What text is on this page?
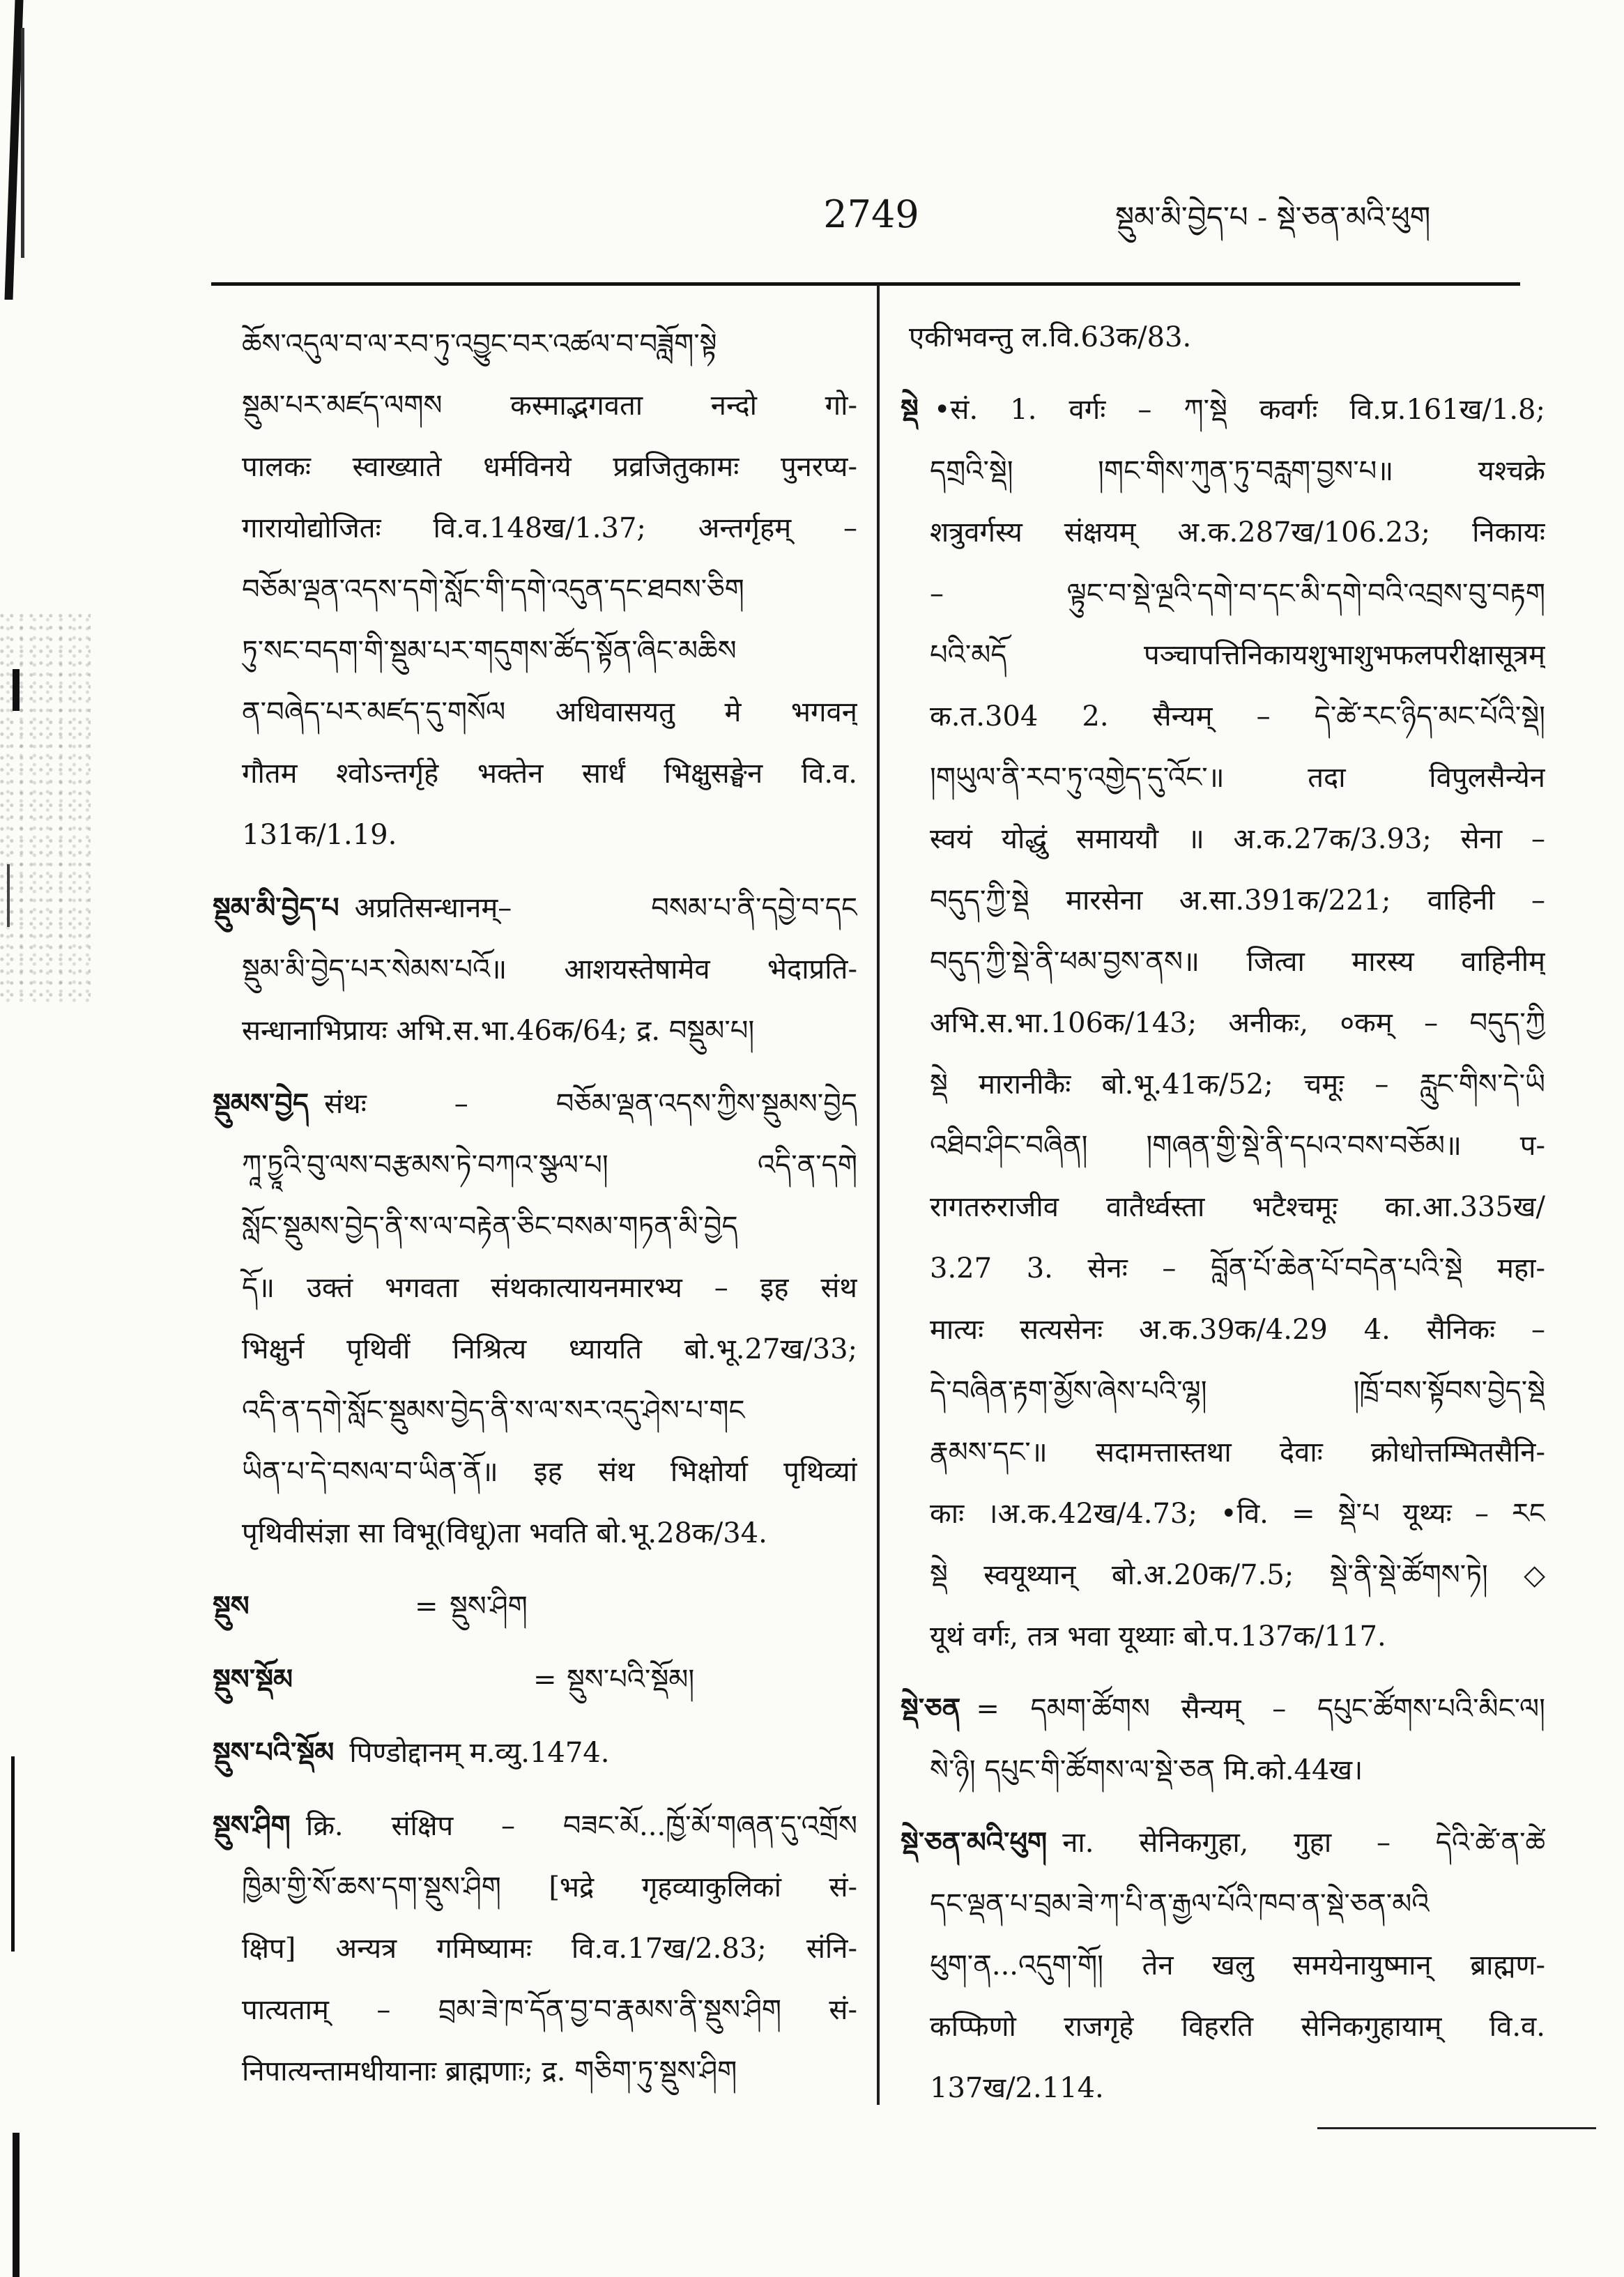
2749	སྡུམ་མི་བྱེད་པ - སྡེ་ཅན་མའི་ཕུག
ཆོས་འདུལ་བ་ལ་རབ་ཏུ་འབྱུང་བར་འཚལ་བ་བཟློག་སྟེ
སྡུམ་པར་མཛད་ལགས कस्माद्भगवता नन्दो गो-
पालकः स्वाख्याते धर्मविनये प्रव्रजितुकामः पुनरप्य-
गारायोद्योजितः वि.व.148ख/1.37; अन्तर्गृहम् –
བཅོམ་ལྡན་འདས་དགེ་སློང་གི་དགེ་འདུན་དང་ཐབས་ཅིག
ཏུ་སང་བདག་གི་སྡུམ་པར་གདུགས་ཚོད་སྟོན་ཞིང་མཆིས
ན་བཞེད་པར་མཛད་དུ་གསོལ अधिवासयतु मे भगवन्
गौतम श्वोऽन्तर्गृहे भक्तेन सार्धं भिक्षुसङ्घेन वि.व.
131क/1.19.
སྡུམ་མི་བྱེད་པ अप्रतिसन्धानम्– བསམ་པ་ནི་དབྱེ་བ་དང
སྡུམ་མི་བྱེད་པར་སེམས་པའོ॥ आशयस्तेषामेव भेदाप्रति-
सन्धानाभिप्रायः अभि.स.भा.46क/64; द्र. བསྡུམ་པ།
སྡུམས་བྱེད संथः – བཅོམ་ལྡན་འདས་ཀྱིས་སྡུམས་བྱེད
ཀཱ་ཏྱཱའི་བུ་ལས་བརྩམས་ཏེ་བཀའ་སྩལ་པ། འདི་ན་དགེ
སློང་སྡུམས་བྱེད་ནི་ས་ལ་བརྟེན་ཅིང་བསམ་གཏན་མི་བྱེད
དོ॥ उक्तं भगवता संथकात्यायनमारभ्य – इह संथ
भिक्षुर्न पृथिवीं निश्रित्य ध्यायति बो.भू.27ख/33;
འདི་ན་དགེ་སློང་སྡུམས་བྱེད་ནི་ས་ལ་སར་འདུ་ཤེས་པ་གང
ཡིན་པ་དེ་བསལ་བ་ཡིན་ནོ॥ इह संथ भिक्षोर्या पृथिव्यां
पृथिवीसंज्ञा सा विभू(विधू)ता भवति बो.भू.28क/34.
སྡུས	= སྡུས་ཤིག
སྡུས་སྡོམ	= སྡུས་པའི་སྡོམ།
སྡུས་པའི་སྡོམ पिण्डोद्दानम् म.व्यु.1474.
སྡུས་ཤིག क्रि. संक्षिप – བཟང་མོ...ཁྱོ་མོ་གཞན་དུ་འགྲོས
ཁྱིམ་གྱི་སོ་ཆས་དག་སྡུས་ཤིག [भद्रे गृहव्याकुलिकां सं-
क्षिप] अन्यत्र गमिष्यामः वि.व.17ख/2.83; संनि-
पात्यताम् – བྲམ་ཟེ་ཁ་དོན་བྱ་བ་རྣམས་ནི་སྡུས་ཤིག सं-
निपात्यन्तामधीयानाः ब्राह्मणाः; द्र. གཅིག་ཏུ་སྡུས་ཤིག
एकीभवन्तु ल.वि.63क/83.
སྡེ •सं. 1. वर्गः – ཀ་སྡེ कवर्गः वि.प्र.161ख/1.8;
དགྲའི་སྡེ། །གང་གིས་ཀུན་ཏུ་བརླག་བྱས་པ॥ यश्चक्रे
शत्रुवर्गस्य संक्षयम् अ.क.287ख/106.23; निकायः
– ལྟུང་བ་སྡེ་ལྔའི་དགེ་བ་དང་མི་དགེ་བའི་འབྲས་བུ་བརྟག
པའི་མདོ पञ्चापत्तिनिकायशुभाशुभफलपरीक्षासूत्रम्
क.त.304 2. सैन्यम् – དེ་ཚེ་རང་ཉིད་མང་པོའི་སྡེ།
།གཡུལ་ནི་རབ་ཏུ་འགྱེད་དུ་འོང༌॥ तदा विपुलसैन्येन
स्वयं योद्धुं समाययौ ॥ अ.क.27क/3.93; सेना –
བདུད་ཀྱི་སྡེ मारसेना अ.सा.391क/221; वाहिनी –
བདུད་ཀྱི་སྡེ་ནི་ཕམ་བྱས་ནས॥ जित्वा मारस्य वाहिनीम्
अभि.स.भा.106क/143; अनीकः, ०कम् – བདུད་ཀྱི
སྡེ मारानीकैः बो.भू.41क/52; चमूः – རླུང་གིས་དེ་ཡི
འཐིབ་ཤིང་བཞིན། །གཞན་གྱི་སྡེ་ནི་དཔའ་བས་བཅོམ॥ प-
रागतरुराजीव वातैर्ध्वस्ता भटैश्चमूः का.आ.335ख/
3.27 3. सेनः – བློན་པོ་ཆེན་པོ་བདེན་པའི་སྡེ महा-
मात्यः सत्यसेनः अ.क.39क/4.29 4. सैनिकः –
དེ་བཞིན་རྟག་མྱོས་ཞེས་པའི་ལྷ། །ཁྲོ་བས་སྟོབས་བྱེད་སྡེ
རྣམས་དང༌॥ सदामत्तास्तथा देवाः क्रोधोत्तम्भितसैनि-
काः ।अ.क.42ख/4.73; •वि. = སྡེ་པ यूथ्यः – རང
སྡེ स्वयूथ्यान् बो.अ.20क/7.5; སྡེ་ནི་སྡེ་ཚོགས་ཏེ། ◇
यूथं वर्गः, तत्र भवा यूथ्याः बो.प.137क/117.
སྡེ་ཅན = དམག་ཚོགས सैन्यम् – དཔུང་ཚོགས་པའི་མིང་ལ།
སེ་ཉི། དཔུང་གི་ཚོགས་ལ་སྡེ་ཅན मि.को.44ख।
སྡེ་ཅན་མའི་ཕུག ना. सेनिकगुहा, गुहा – དེའི་ཚེ་ན་ཚེ
དང་ལྡན་པ་བྲམ་ཟེ་ཀ་པི་ན་རྒྱལ་པོའི་ཁབ་ན་སྡེ་ཅན་མའི
ཕུག་ན...འདུག་གོ། तेन खलु समयेनायुष्मान् ब्राह्मण-
कप्फिणो राजगृहे विहरति सेनिकगुहायाम् वि.व.
137ख/2.114.
